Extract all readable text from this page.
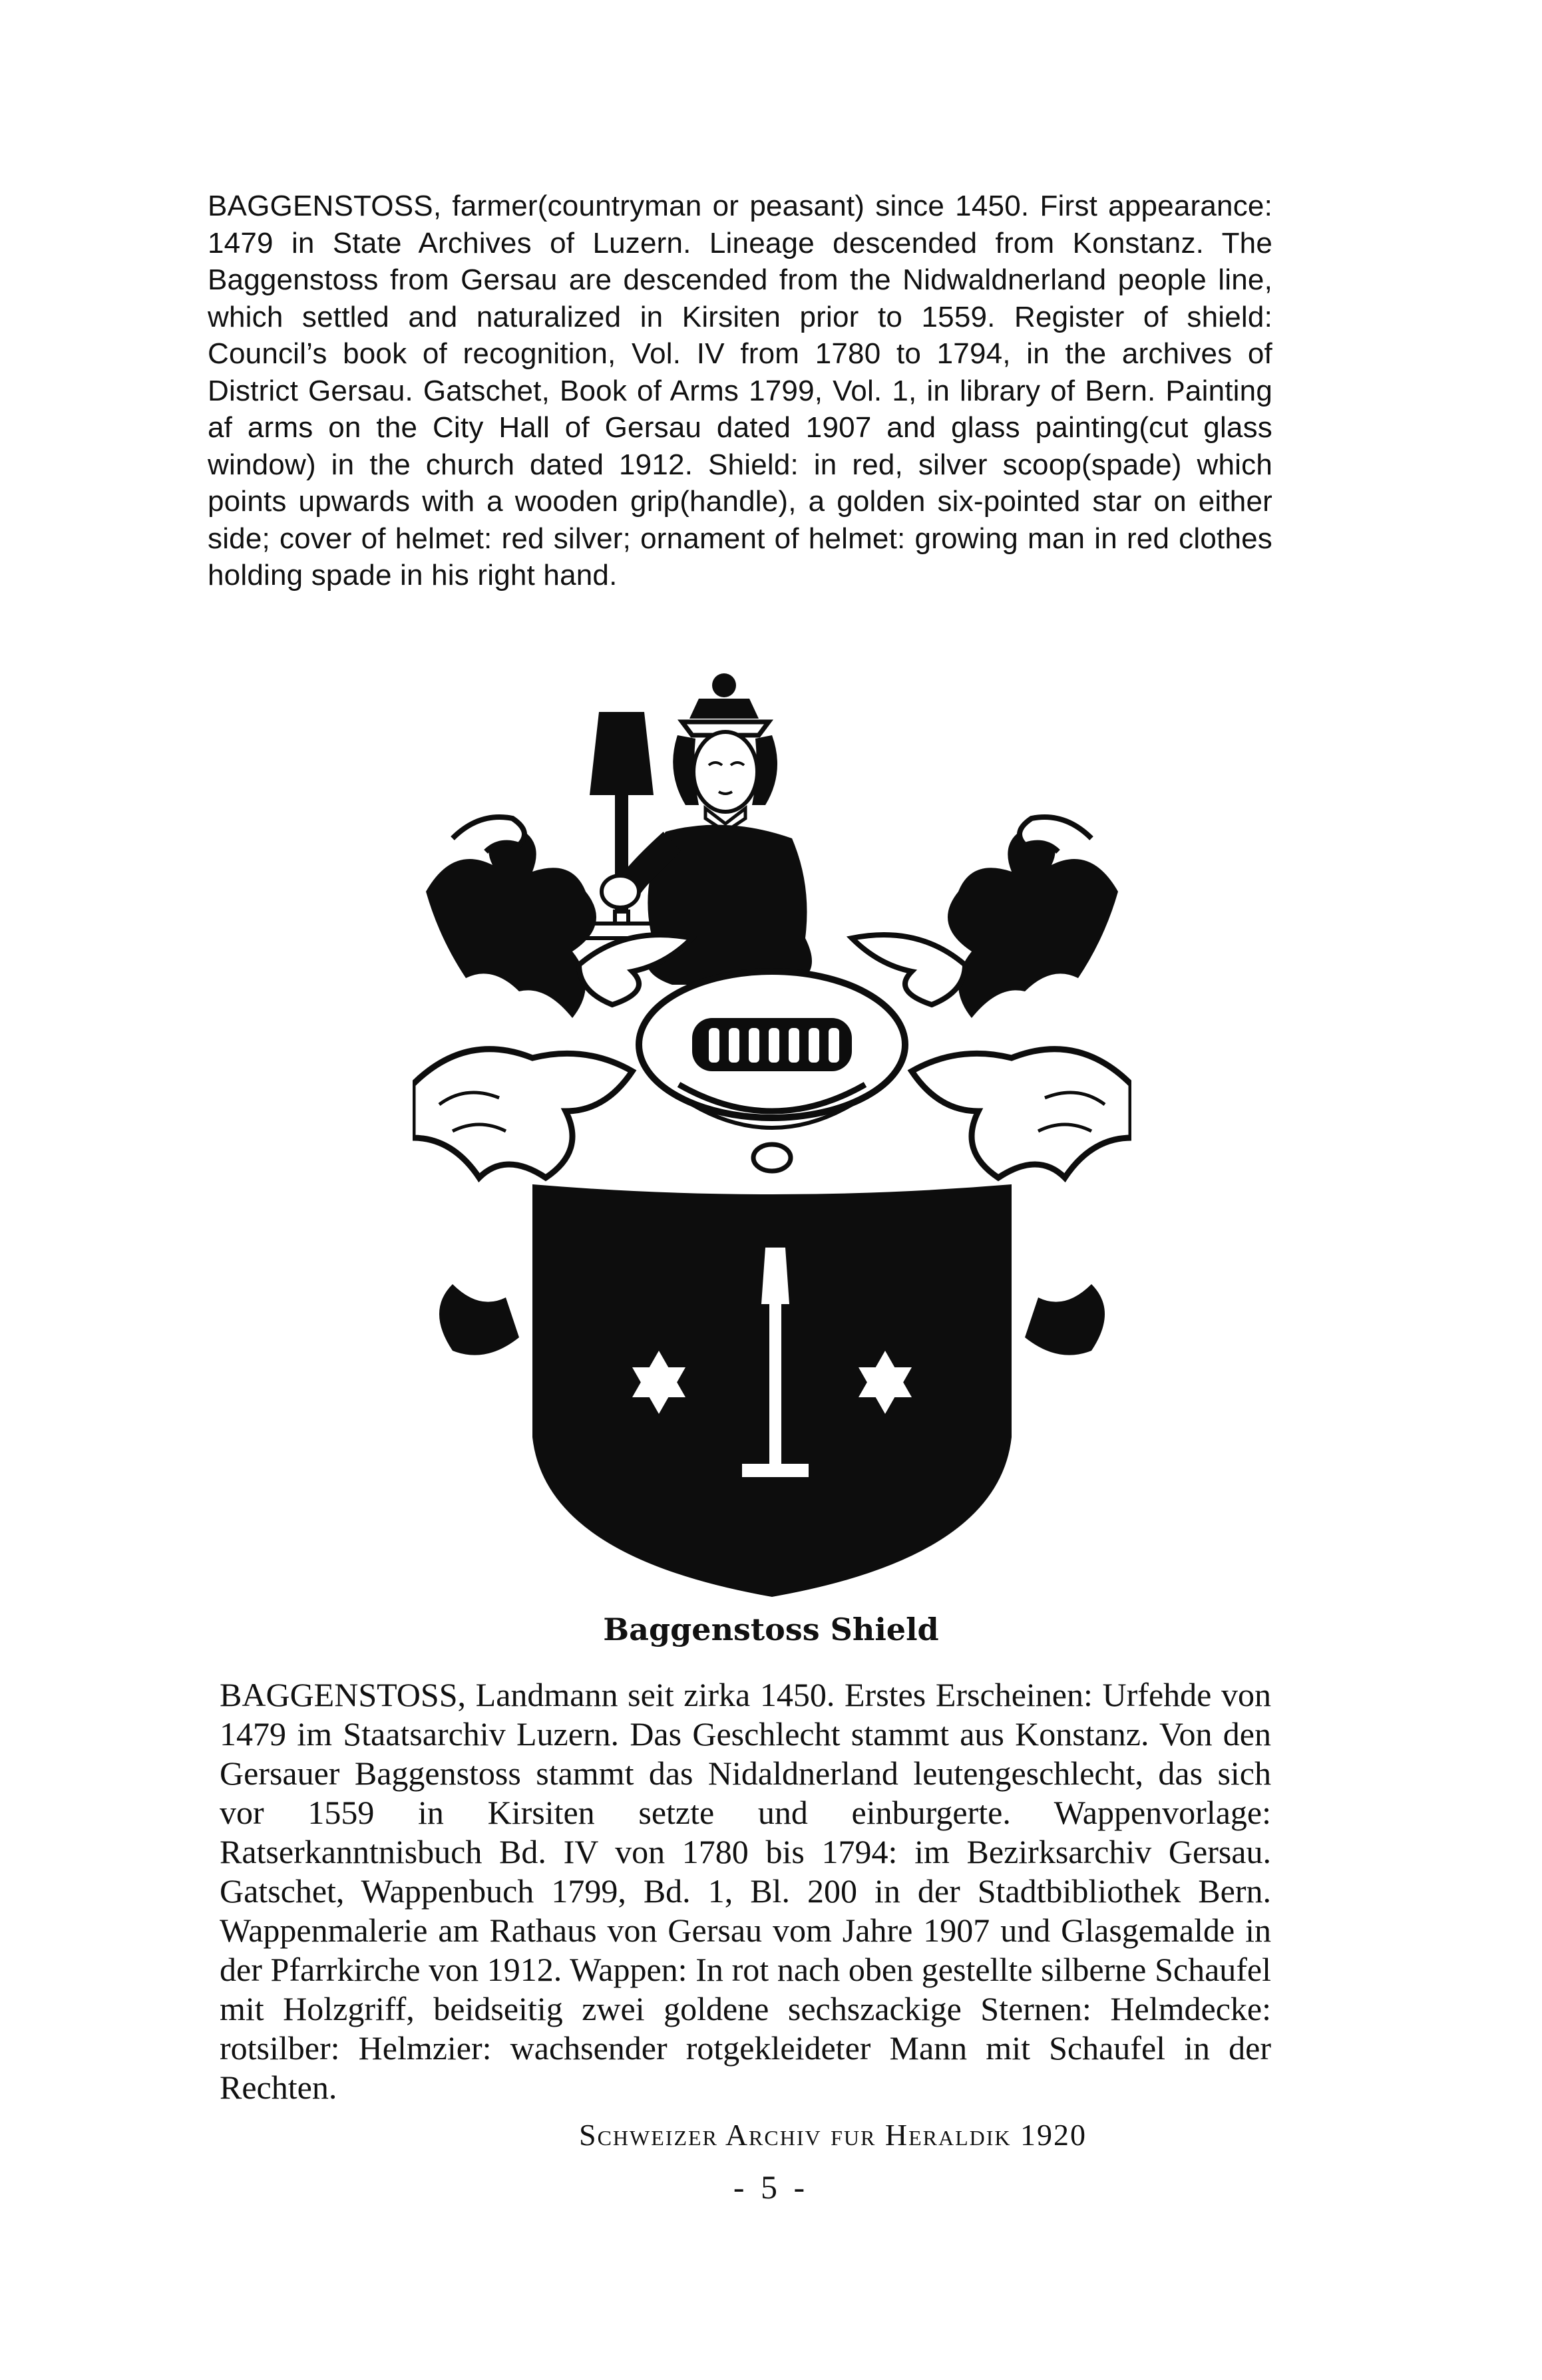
BAGGENSTOSS, farmer(countryman or peasant) since 1450. First appearance: 1479 in State Archives of Luzern. Lineage descended from Konstanz. The Baggenstoss from Gersau are descended from the Nidwaldnerland people line, which settled and naturalized in Kirsiten prior to 1559. Register of shield: Council’s book of recognition, Vol. IV from 1780 to 1794, in the archives of District Gersau. Gatschet, Book of Arms 1799, Vol. 1, in library of Bern. Painting af arms on the City Hall of Gersau dated 1907 and glass painting(cut glass window) in the church dated 1912. Shield: in red, silver scoop(spade) which points upwards with a wooden grip(handle), a golden six-pointed star on either side; cover of helmet: red silver; ornament of helmet: growing man in red clothes holding spade in his right hand.

Baggenstoss Shield

BAGGENSTOSS, Landmann seit zirka 1450. Erstes Erscheinen: Urfehde von 1479 im Staatsarchiv Luzern. Das Geschlecht stammt aus Konstanz. Von den Gersauer Baggenstoss stammt das Nidaldnerland leutengeschlecht, das sich vor 1559 in Kirsiten setzte und einburgerte. Wappenvorlage: Ratserkanntnisbuch Bd. IV von 1780 bis 1794: im Bezirksarchiv Gersau. Gatschet, Wappenbuch 1799, Bd. 1, Bl. 200 in der Stadtbibliothek Bern. Wappenmalerie am Rathaus von Gersau vom Jahre 1907 und Glasgemalde in der Pfarrkirche von 1912. Wappen: In rot nach oben gestellte silberne Schaufel mit Holzgriff, beidseitig zwei goldene sechszackige Sternen: Helmdecke: rotsilber: Helmzier: wachsender rotgekleideter Mann mit Schaufel in der Rechten.

Schweizer Archiv fur Heraldik 1920
- 5 -
